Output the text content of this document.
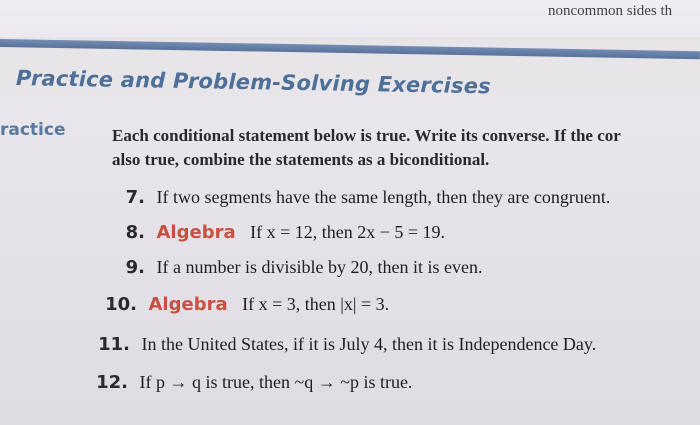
noncommon sides th
Practice and Problem-Solving Exercises
ractice	Each conditional statement below is true. Write its converse. If the cor
also true, combine the statements as a biconditional.
7. If two segments have the same length, then they are congruent.
8. Algebra If x = 12, then 2x − 5 = 19.
9. If a number is divisible by 20, then it is even.
10. Algebra If x = 3, then |x| = 3.
11. In the United States, if it is July 4, then it is Independence Day.
12. If p → q is true, then ~q → ~p is true.
